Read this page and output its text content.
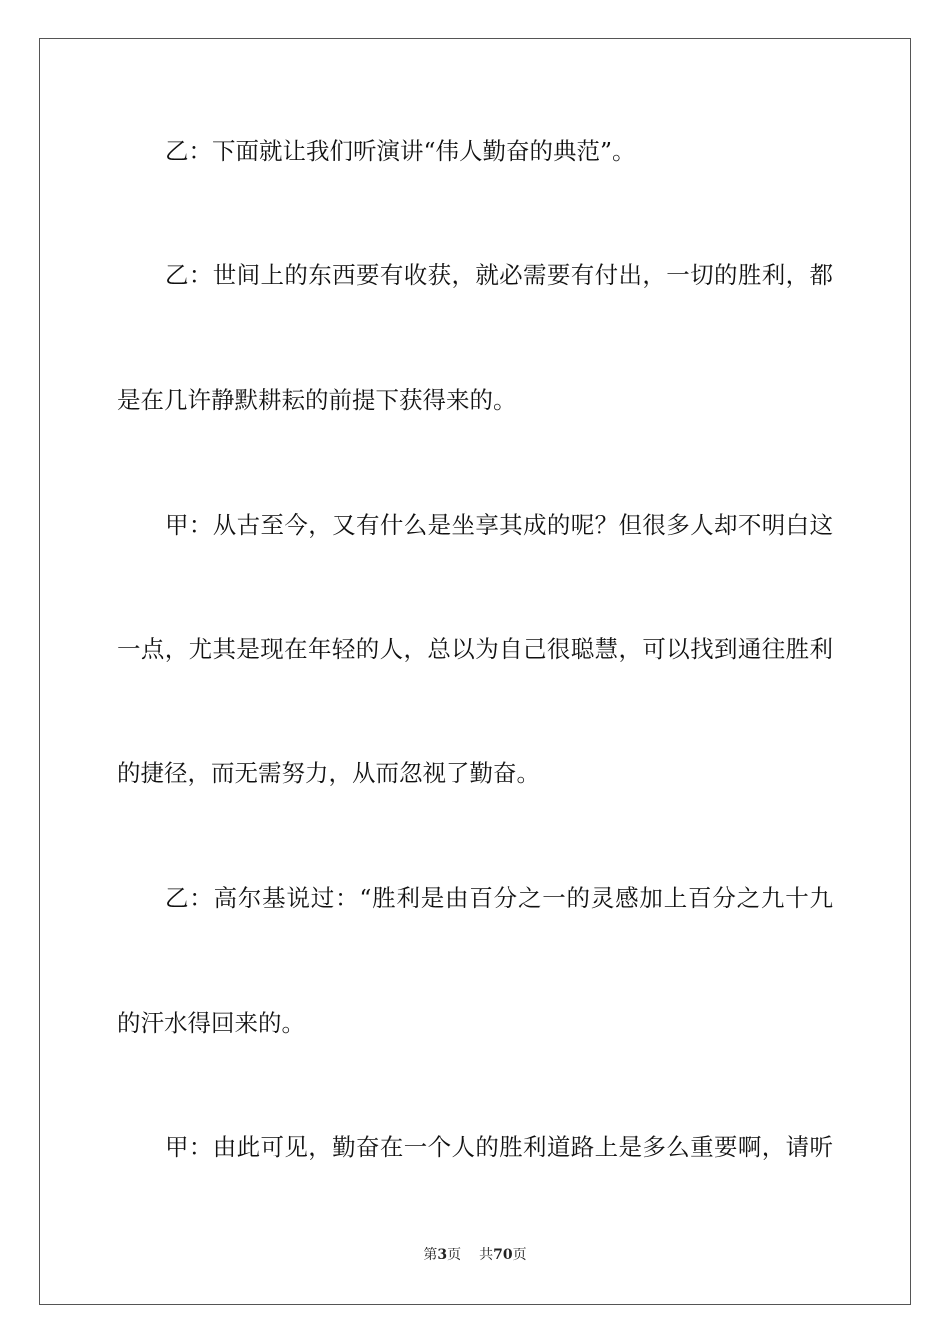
乙：下面就让我们听演讲“伟人勤奋的典范”。
乙：世间上的东西要有收获，就必需要有付出，一切的胜利，都
是在几许静默耕耘的前提下获得来的。
甲：从古至今，又有什么是坐享其成的呢？但很多人却不明白这
一点，尤其是现在年轻的人，总以为自己很聪慧，可以找到通往胜利
的捷径，而无需努力，从而忽视了勤奋。
乙：高尔基说过：“胜利是由百分之一的灵感加上百分之九十九
的汗水得回来的。
甲：由此可见，勤奋在一个人的胜利道路上是多么重要啊，请听
第3页 共70页
